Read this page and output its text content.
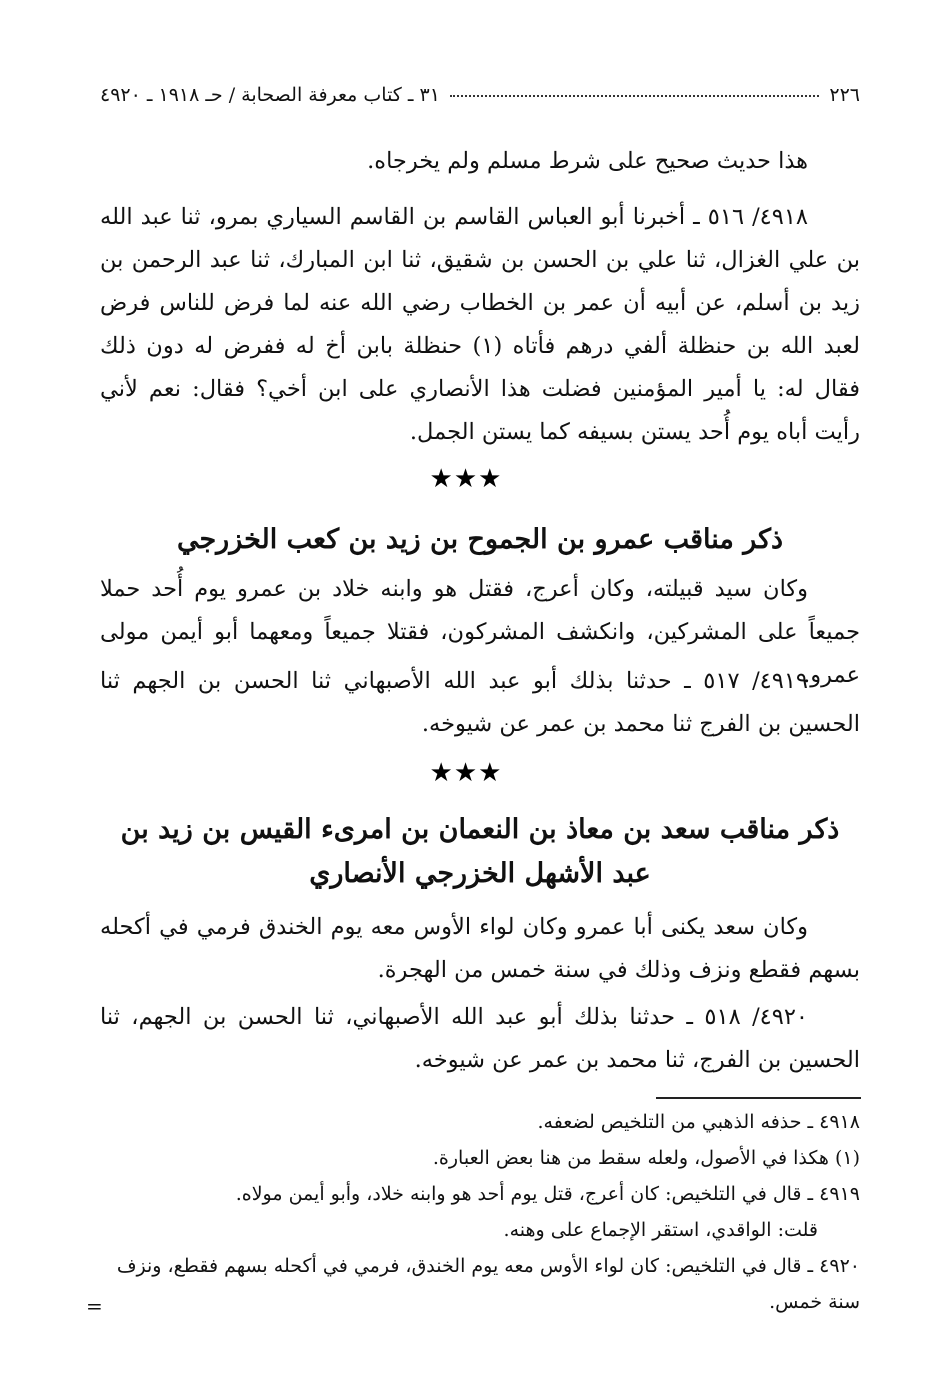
٢٢٦
٣١ ـ كتاب معرفة الصحابة / حـ ١٩١٨ ـ ٤٩٢٠

هذا حديث صحيح على شرط مسلم ولم يخرجاه.

٤٩١٨/ ٥١٦ ـ أخبرنا أبو العباس القاسم بن القاسم السياري بمرو، ثنا عبد الله بن علي الغزال، ثنا علي بن الحسن بن شقيق، ثنا ابن المبارك، ثنا عبد الرحمن بن زيد بن أسلم، عن أبيه أن عمر بن الخطاب رضي الله عنه لما فرض للناس فرض لعبد الله بن حنظلة ألفي درهم فأتاه (١) حنظلة بابن أخ له ففرض له دون ذلك فقال له: يا أمير المؤمنين فضلت هذا الأنصاري على ابن أخي؟ فقال: نعم لأني رأيت أباه يوم أُحد يستن بسيفه كما يستن الجمل.

★★★
ذكر مناقب عمرو بن الجموح بن زيد بن كعب الخزرجي

وكان سيد قبيلته، وكان أعرج، فقتل هو وابنه خلاد بن عمرو يوم أُحد حملا جميعاً على المشركين، وانكشف المشركون، فقتلا جميعاً ومعهما أبو أيمن مولى عمرو.

٤٩١٩/ ٥١٧ ـ حدثنا بذلك أبو عبد الله الأصبهاني ثنا الحسن بن الجهم ثنا الحسين بن الفرج ثنا محمد بن عمر عن شيوخه.

★★★
ذكر مناقب سعد بن معاذ بن النعمان بن امرىء القيس بن زيد بن عبد الأشهل الخزرجي الأنصاري

وكان سعد يكنى أبا عمرو وكان لواء الأوس معه يوم الخندق فرمي في أكحله بسهم فقطع ونزف وذلك في سنة خمس من الهجرة.

٤٩٢٠/ ٥١٨ ـ حدثنا بذلك أبو عبد الله الأصبهاني، ثنا الحسن بن الجهم، ثنا الحسين بن الفرج، ثنا محمد بن عمر عن شيوخه.

٤٩١٨ ـ حذفه الذهبي من التلخيص لضعفه.

(١) هكذا في الأصول، ولعله سقط من هنا بعض العبارة.

٤٩١٩ ـ قال في التلخيص: كان أعرج، قتل يوم أحد هو وابنه خلاد، وأبو أيمن مولاه.

قلت: الواقدي، استقر الإجماع على وهنه.

٤٩٢٠ ـ قال في التلخيص: كان لواء الأوس معه يوم الخندق، فرمي في أكحله بسهم فقطع، ونزف سنة خمس.

=
